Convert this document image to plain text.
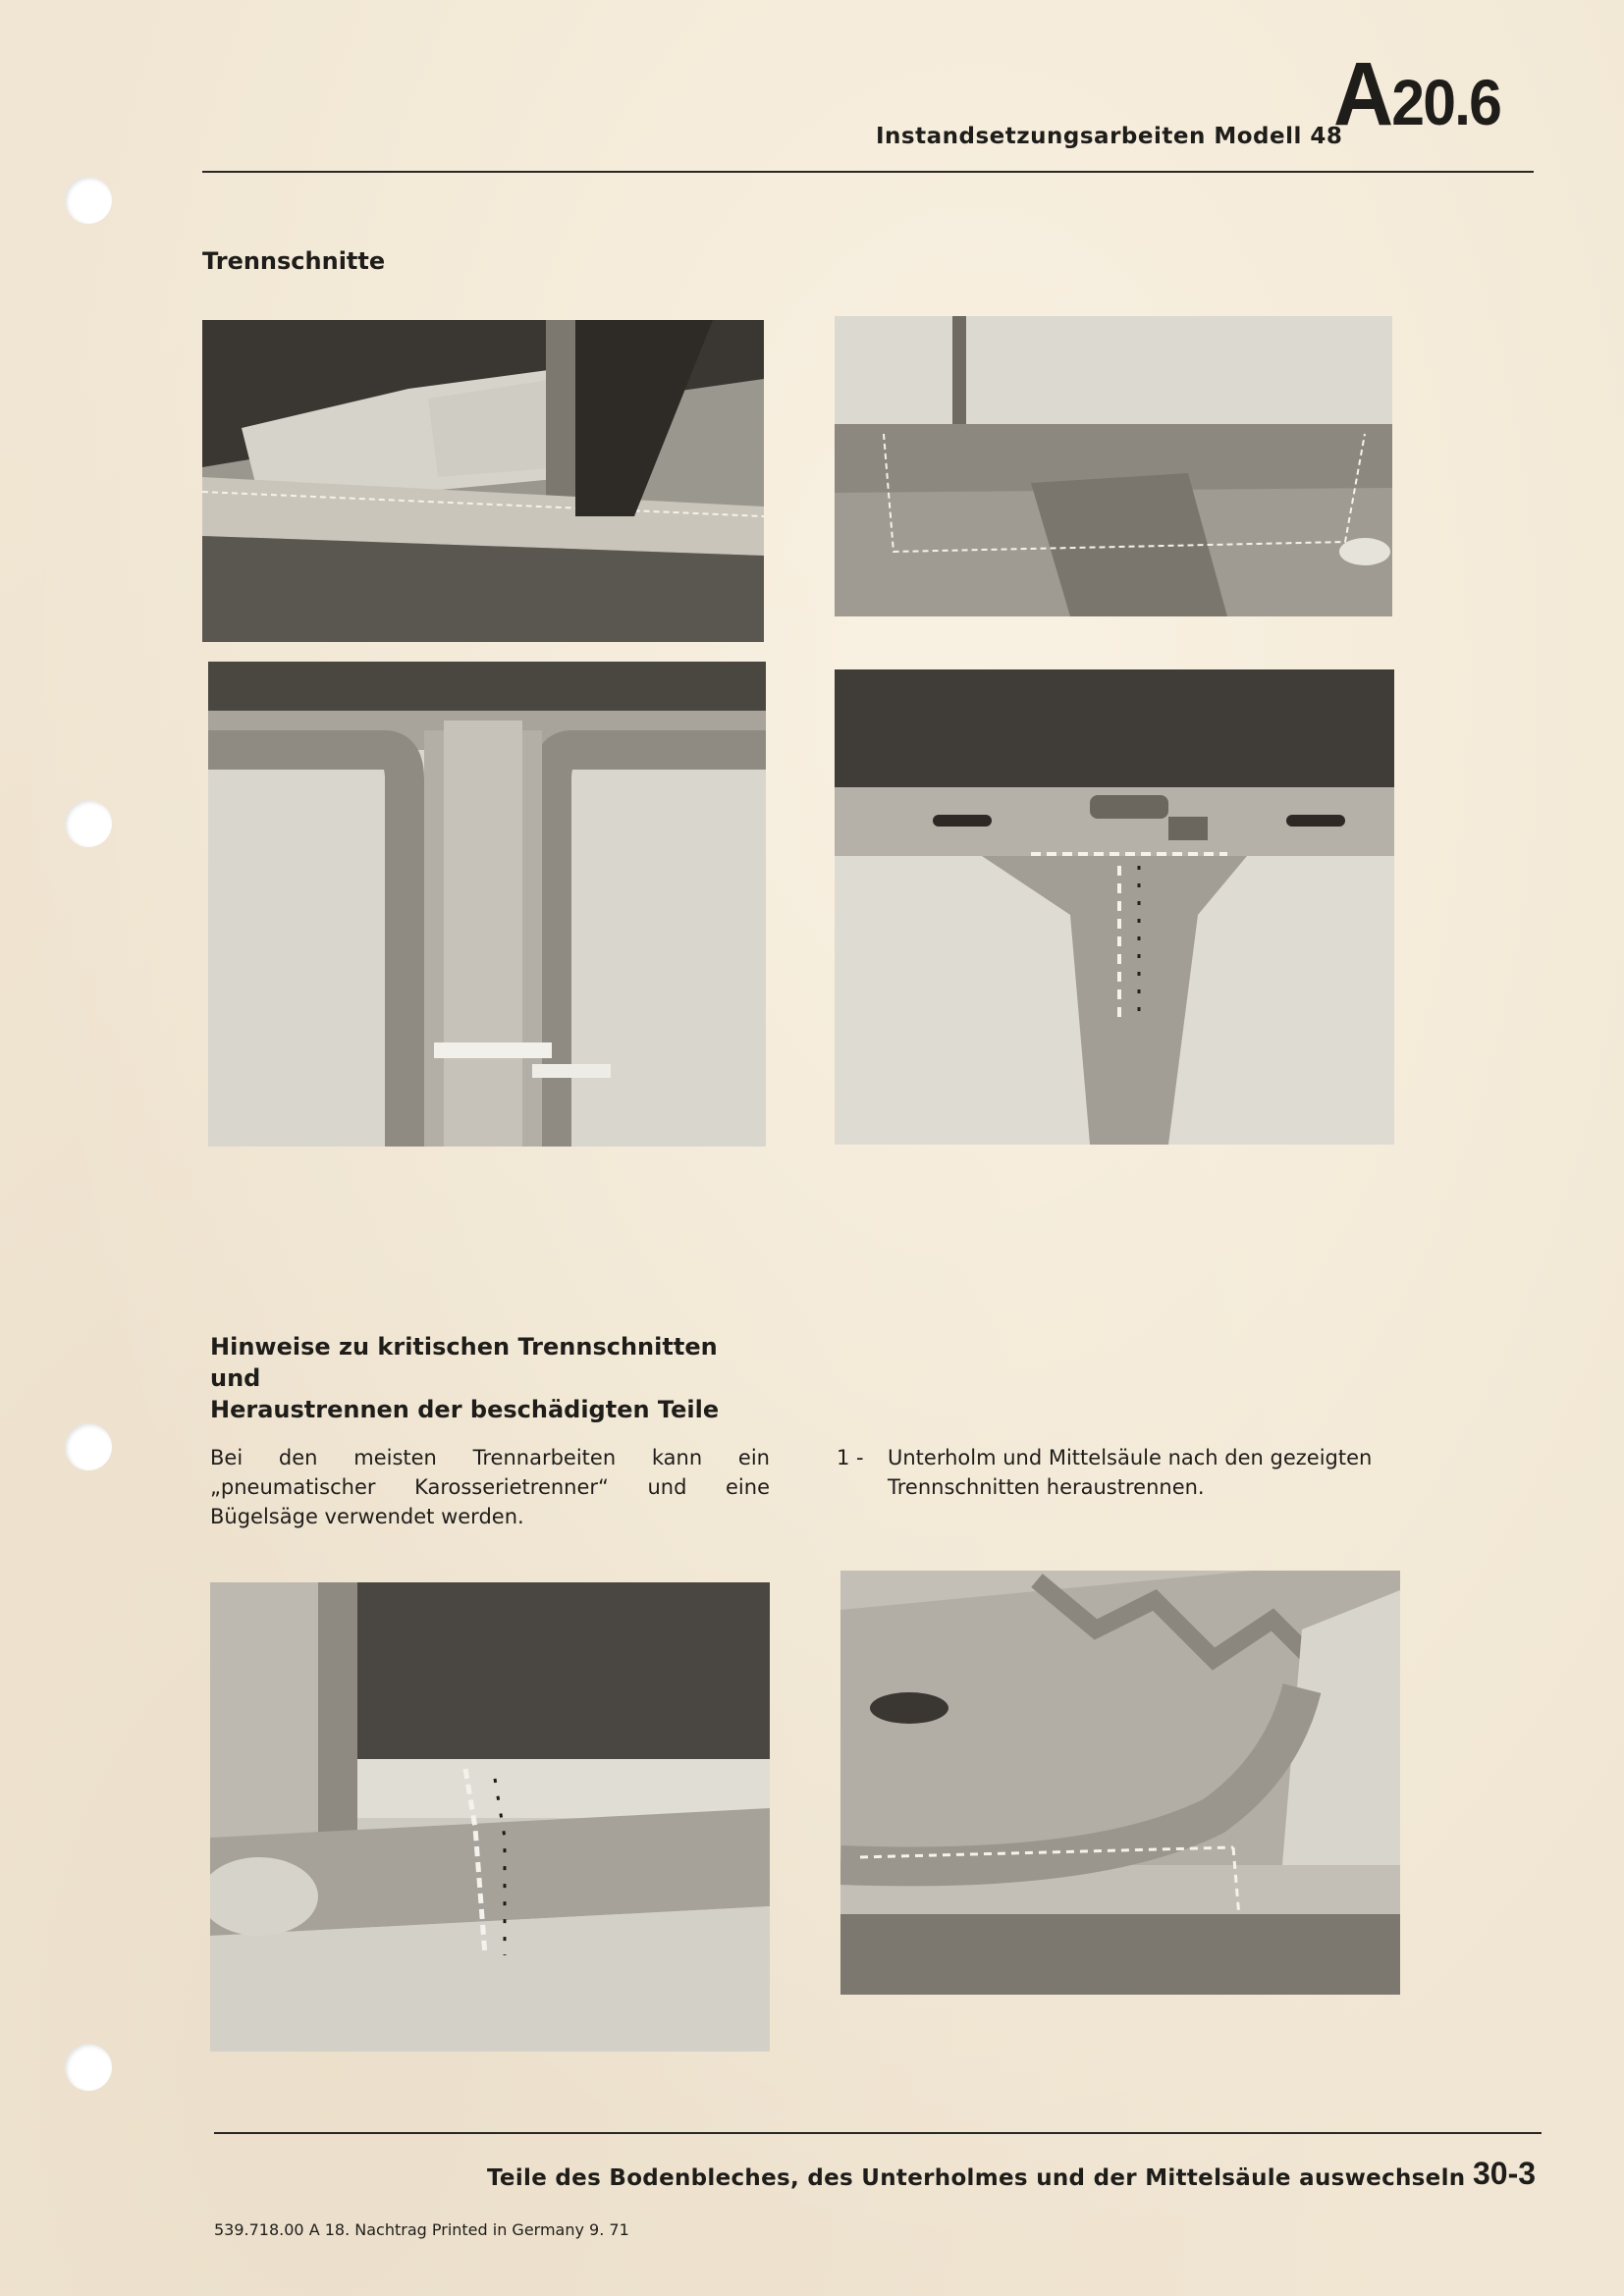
Instandsetzungsarbeiten Modell 48
A20.6
Trennschnitte
Hinweise zu kritischen Trennschnitten und
Heraustrennen der beschädigten Teile
Bei den meisten Trennarbeiten kann ein „pneumatischer Karosserietrenner“ und eine Bügelsäge verwendet werden.
1 - Unterholm und Mittelsäule nach den gezeigten Trennschnitten heraustrennen.
Teile des Bodenbleches, des Unterholmes und der Mittelsäule auswechseln 30-3
539.718.00 A 18. Nachtrag Printed in Germany 9. 71
